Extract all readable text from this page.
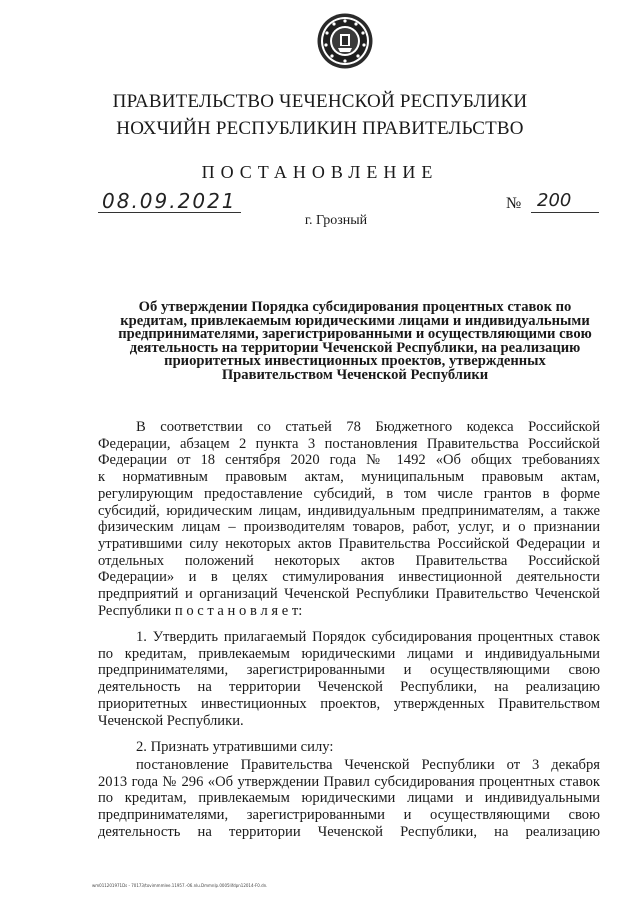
ПРАВИТЕЛЬСТВО ЧЕЧЕНСКОЙ РЕСПУБЛИКИ
НОХЧИЙН РЕСПУБЛИКИН ПРАВИТЕЛЬСТВО
ПОСТАНОВЛЕНИЕ
08.09.2021	№ 200
г. Грозный
Об утверждении Порядка субсидирования процентных ставок по
кредитам, привлекаемым юридическими лицами и индивидуальными
предпринимателями, зарегистрированными и осуществляющими свою
деятельность на территории Чеченской Республики, на реализацию
приоритетных инвестиционных проектов, утвержденных
Правительством Чеченской Республики
В соответствии со статьей 78 Бюджетного кодекса Российской
Федерации, абзацем 2 пункта 3 постановления Правительства Российской
Федерации от 18 сентября 2020 года № 1492 «Об общих требованиях
к нормативным правовым актам, муниципальным правовым актам,
регулирующим предоставление субсидий, в том числе грантов в форме
субсидий, юридическим лицам, индивидуальным предпринимателям, а также
физическим лицам – производителям товаров, работ, услуг, и о признании
утратившими силу некоторых актов Правительства Российской Федерации и
отдельных положений некоторых актов Правительства Российской
Федерации» и в целях стимулирования инвестиционной деятельности
предприятий и организаций Чеченской Республики Правительство Чеченской
Республики п о с т а н о в л я е т:
1. Утвердить прилагаемый Порядок субсидирования процентных ставок
по кредитам, привлекаемым юридическими лицами и индивидуальными
предпринимателями, зарегистрированными и осуществляющими свою
деятельность на территории Чеченской Республики, на реализацию
приоритетных инвестиционных проектов, утвержденных Правительством
Чеченской Республики.
2. Признать утратившими силу:
постановление Правительства Чеченской Республики от 3 декабря
2013 года № 296 «Об утверждении Правил субсидирования процентных ставок
по кредитам, привлекаемым юридическими лицами и индивидуальными
предпринимателями, зарегистрированными и осуществляющими свою
деятельность на территории Чеченской Республики, на реализацию
wm011201971Ds - 70173/tovimmmlee.11957.-06.nlu.Dmmnlp.0005lifdpn12014-F0.dn.
